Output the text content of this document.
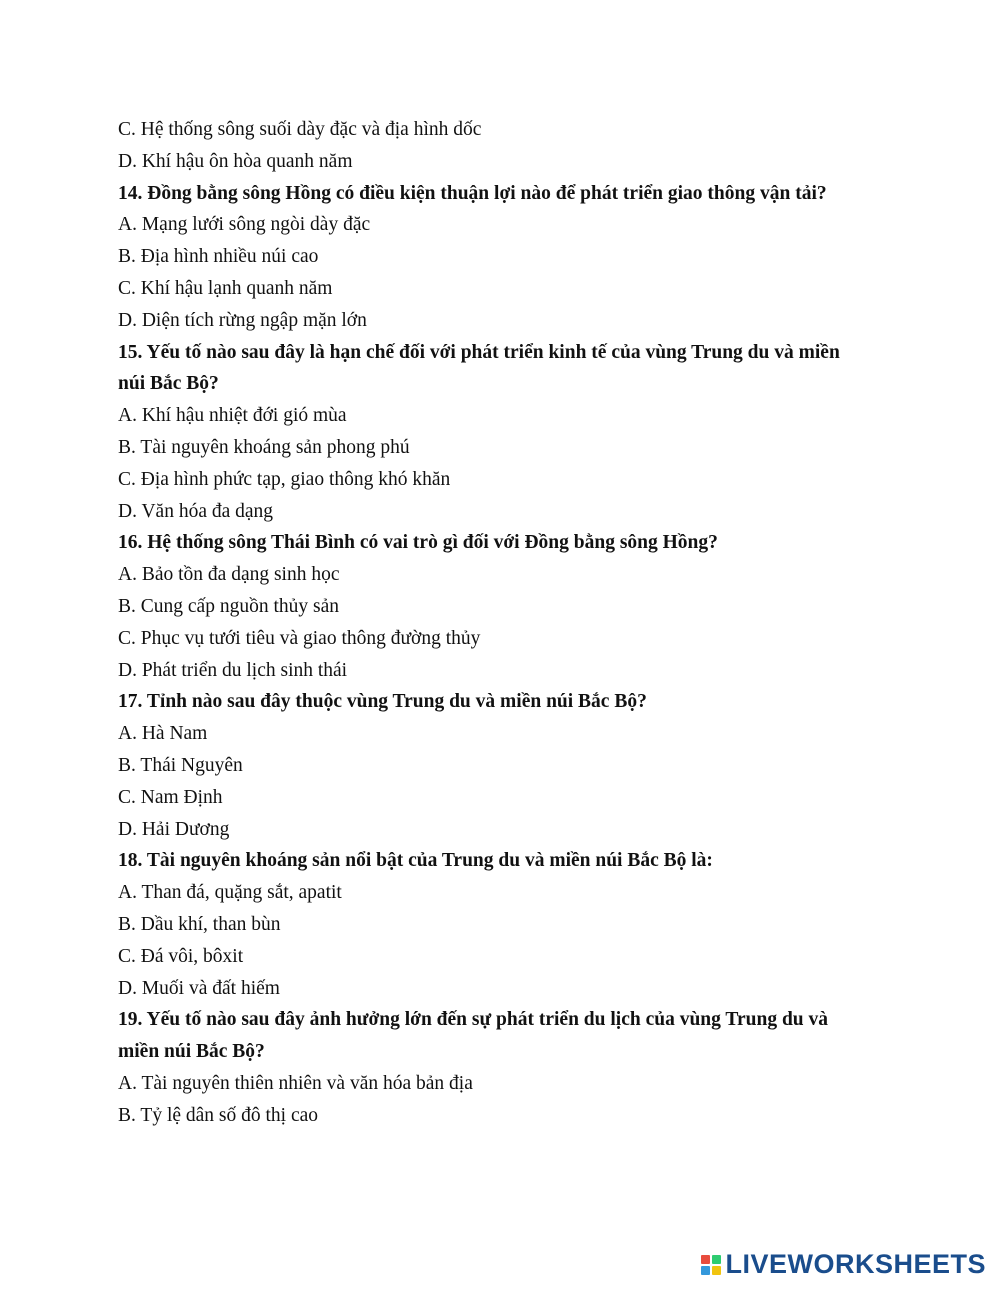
C. Hệ thống sông suối dày đặc và địa hình dốc
D. Khí hậu ôn hòa quanh năm
14. Đồng bằng sông Hồng có điều kiện thuận lợi nào để phát triển giao thông vận tải?
A. Mạng lưới sông ngòi dày đặc
B. Địa hình nhiều núi cao
C. Khí hậu lạnh quanh năm
D. Diện tích rừng ngập mặn lớn
15. Yếu tố nào sau đây là hạn chế đối với phát triển kinh tế của vùng Trung du và miền núi Bắc Bộ?
A. Khí hậu nhiệt đới gió mùa
B. Tài nguyên khoáng sản phong phú
C. Địa hình phức tạp, giao thông khó khăn
D. Văn hóa đa dạng
16. Hệ thống sông Thái Bình có vai trò gì đối với Đồng bằng sông Hồng?
A. Bảo tồn đa dạng sinh học
B. Cung cấp nguồn thủy sản
C. Phục vụ tưới tiêu và giao thông đường thủy
D. Phát triển du lịch sinh thái
17. Tỉnh nào sau đây thuộc vùng Trung du và miền núi Bắc Bộ?
A. Hà Nam
B. Thái Nguyên
C. Nam Định
D. Hải Dương
18. Tài nguyên khoáng sản nổi bật của Trung du và miền núi Bắc Bộ là:
A. Than đá, quặng sắt, apatit
B. Dầu khí, than bùn
C. Đá vôi, bôxit
D. Muối và đất hiếm
19. Yếu tố nào sau đây ảnh hưởng lớn đến sự phát triển du lịch của vùng Trung du và miền núi Bắc Bộ?
A. Tài nguyên thiên nhiên và văn hóa bản địa
B. Tỷ lệ dân số đô thị cao
LIVEWORKSHEETS
